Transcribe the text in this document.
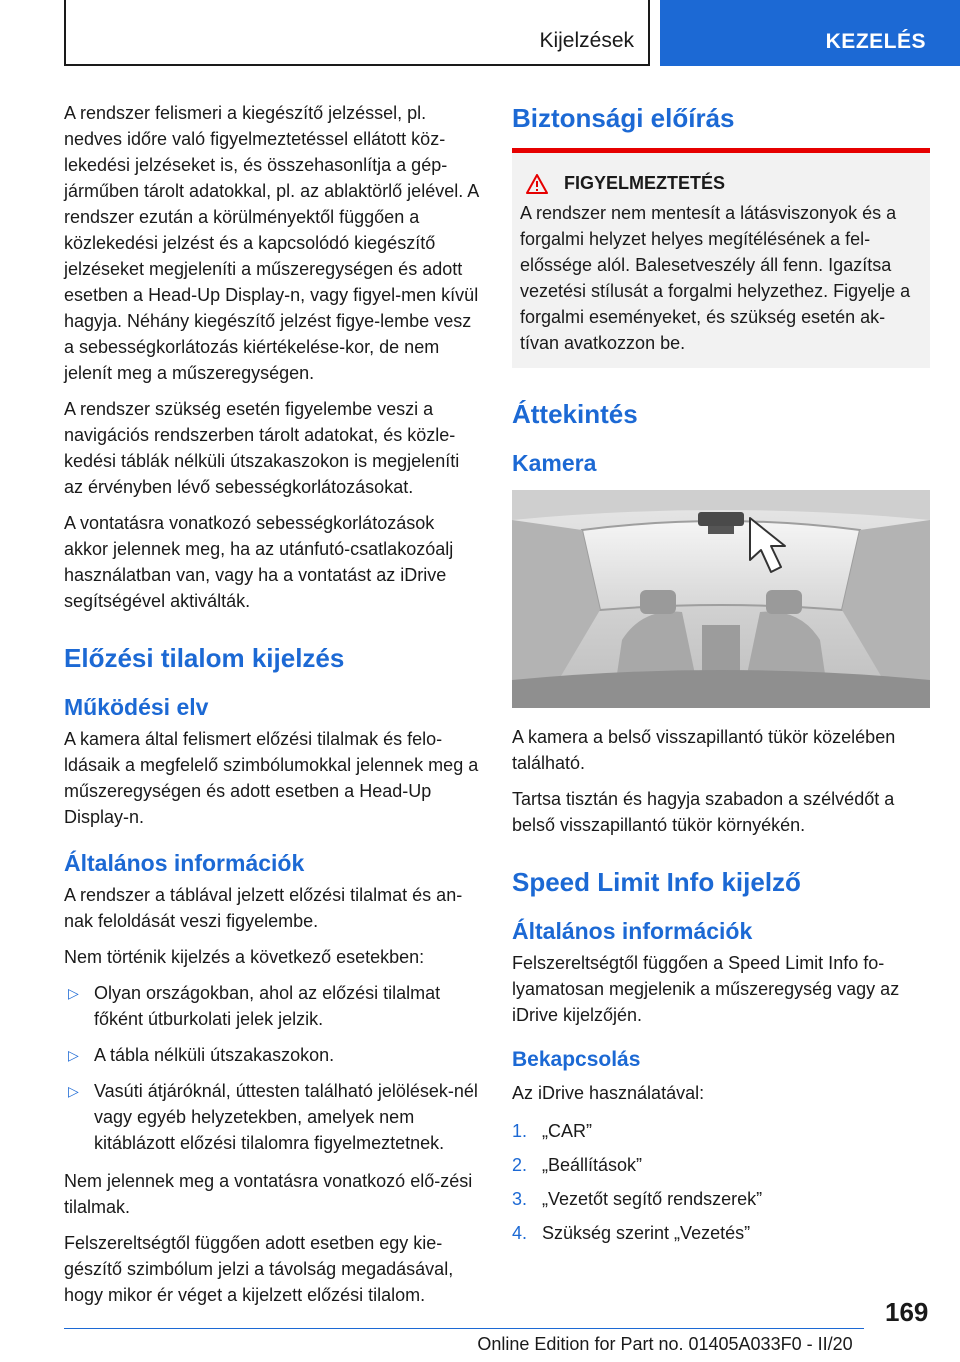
Kijelzések	KEZELÉS

A rendszer felismeri a kiegészítő jelzéssel, pl. nedves időre való figyelmeztetéssel ellátott köz-lekedési jelzéseket is, és összehasonlítja a gép-járműben tárolt adatokkal, pl. az ablaktörlő jelével. A rendszer ezután a körülményektől függően a közlekedési jelzést és a kapcsolódó kiegészítő jelzéseket megjeleníti a műszeregységen és adott esetben a Head-Up Display-n, vagy figyel-men kívül hagyja. Néhány kiegészítő jelzést figye-lembe vesz a sebességkorlátozás kiértékelése-kor, de nem jelenít meg a műszeregységen.

A rendszer szükség esetén figyelembe veszi a navigációs rendszerben tárolt adatokat, és közle-kedési táblák nélküli útszakaszokon is megjeleníti az érvényben lévő sebességkorlátozásokat.

A vontatásra vonatkozó sebességkorlátozások akkor jelennek meg, ha az utánfutó-csatlakozóalj használatban van, vagy ha a vontatást az iDrive segítségével aktiválták.

Előzési tilalom kijelzés
Működési elv

A kamera által felismert előzési tilalmak és felo-ldásaik a megfelelő szimbólumokkal jelennek meg a műszeregységen és adott esetben a Head-Up Display-n.

Általános információk

A rendszer a táblával jelzett előzési tilalmat és an-nak feloldását veszi figyelembe.

Nem történik kijelzés a következő esetekben:

▷ Olyan országokban, ahol az előzési tilalmat főként útburkolati jelek jelzik.
▷ A tábla nélküli útszakaszokon.
▷ Vasúti átjáróknál, úttesten található jelölések-nél vagy egyéb helyzetekben, amelyek nem kitáblázott előzési tilalomra figyelmeztetnek.

Nem jelennek meg a vontatásra vonatkozó elő-zési tilalmak.

Felszereltségtől függően adott esetben egy kie-gészítő szimbólum jelzi a távolság megadásával, hogy mikor ér véget a kijelzett előzési tilalom.

Biztonsági előírás
FIGYELMEZTETÉS

A rendszer nem mentesít a látásviszonyok és a forgalmi helyzet helyes megítélésének a fel-előssége alól. Balesetveszély áll fenn. Igazítsa vezetési stílusát a forgalmi helyzethez. Figyelje a forgalmi eseményeket, és szükség esetén ak-tívan avatkozzon be.

Áttekintés
Kamera

A kamera a belső visszapillantó tükör közelében található.

Tartsa tisztán és hagyja szabadon a szélvédőt a belső visszapillantó tükör környékén.

Speed Limit Info kijelző
Általános információk

Felszereltségtől függően a Speed Limit Info fo-lyamatosan megjelenik a műszeregység vagy az iDrive kijelzőjén.

Bekapcsolás

Az iDrive használatával:

1. „CAR”
2. „Beállítások”
3. „Vezetőt segítő rendszerek”
4. Szükség szerint „Vezetés”
169
Online Edition for Part no. 01405A033F0 - II/20
